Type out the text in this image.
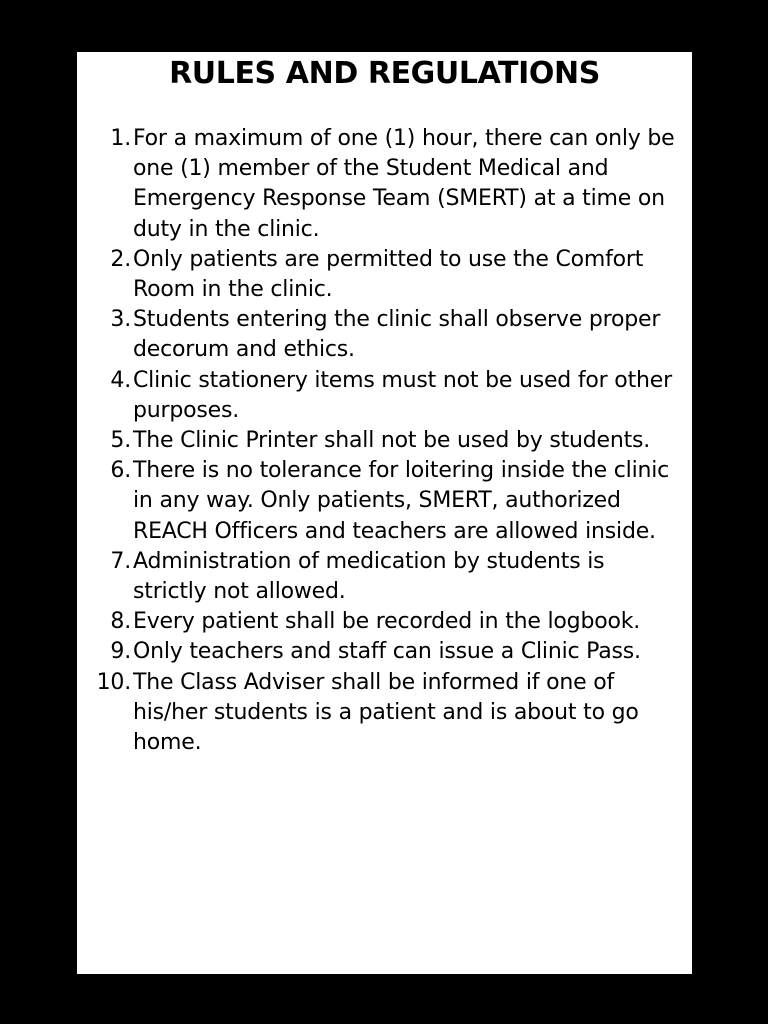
RULES AND REGULATIONS
1. For a maximum of one (1) hour, there can only be one (1) member of the Student Medical and Emergency Response Team (SMERT) at a time on duty in the clinic.
2. Only patients are permitted to use the Comfort Room in the clinic.
3. Students entering the clinic shall observe proper decorum and ethics.
4. Clinic stationery items must not be used for other purposes.
5. The Clinic Printer shall not be used by students.
6. There is no tolerance for loitering inside the clinic in any way. Only patients, SMERT, authorized REACH Officers and teachers are allowed inside.
7. Administration of medication by students is strictly not allowed.
8. Every patient shall be recorded in the logbook.
9. Only teachers and staff can issue a Clinic Pass.
10. The Class Adviser shall be informed if one of his/her students is a patient and is about to go home.
